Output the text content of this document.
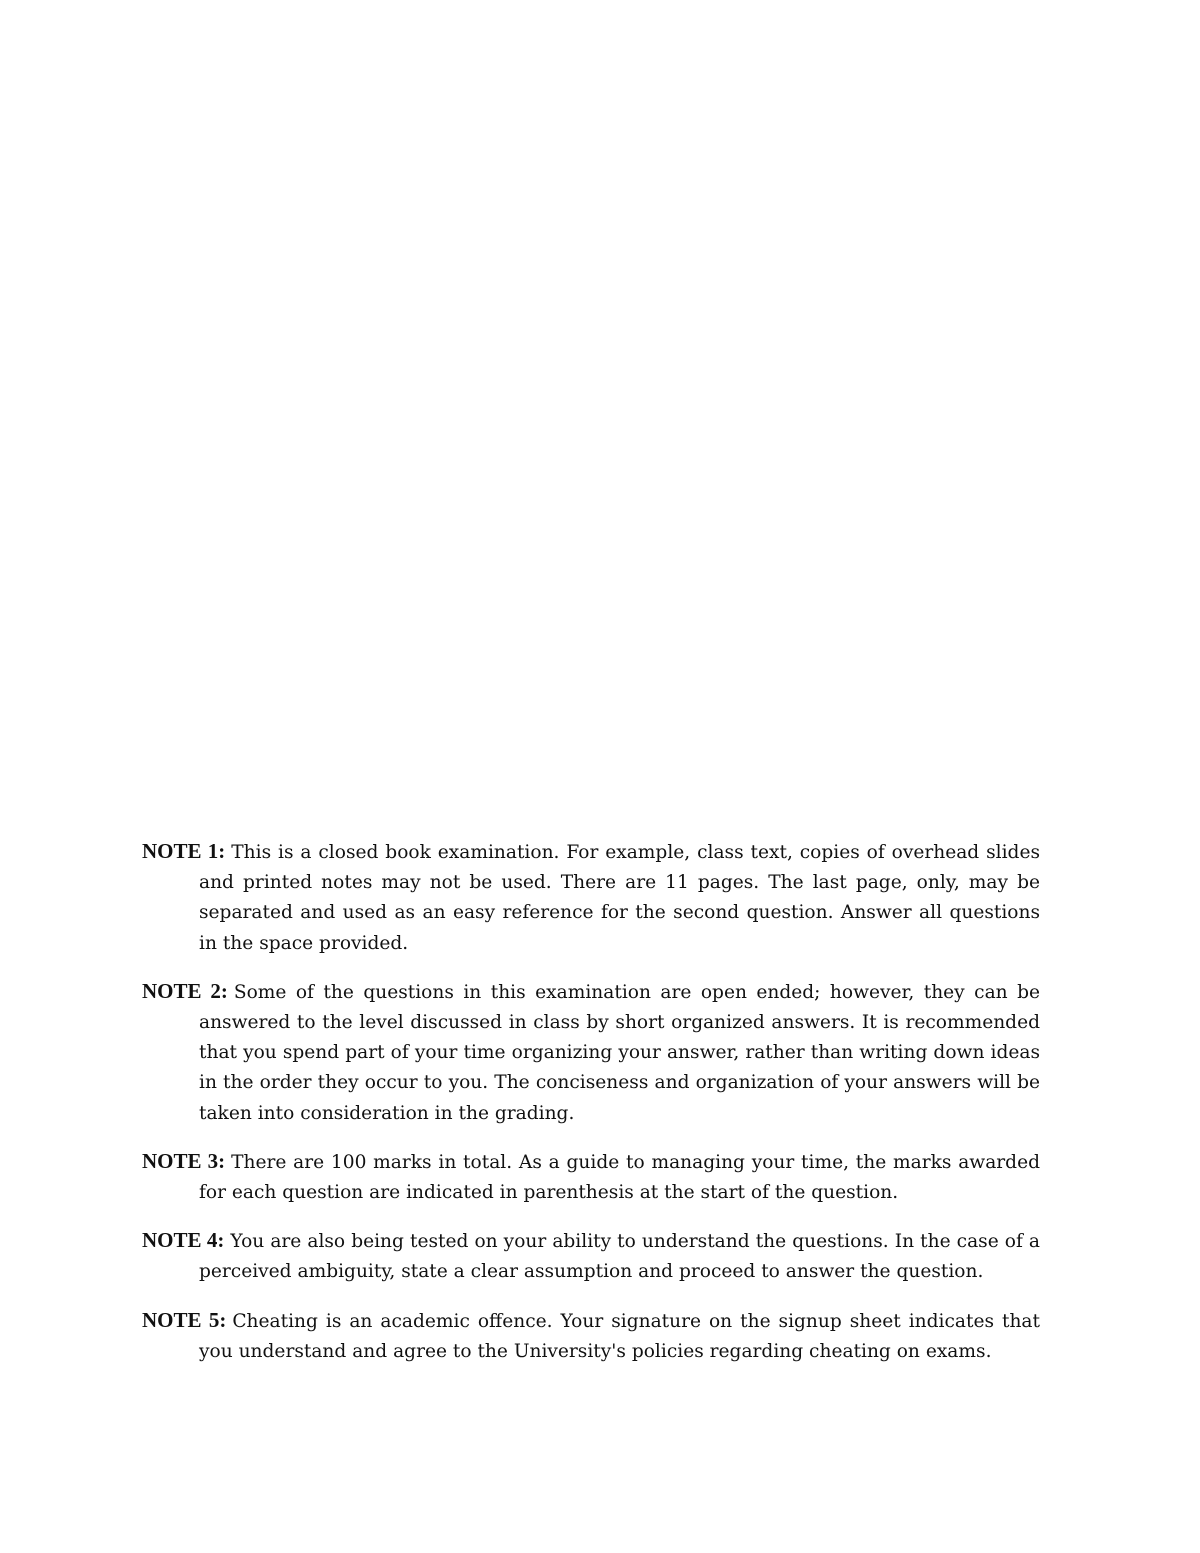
NOTE 1: This is a closed book examination. For example, class text, copies of overhead slides and printed notes may not be used. There are 11 pages. The last page, only, may be separated and used as an easy reference for the second question. Answer all questions in the space provided.

NOTE 2: Some of the questions in this examination are open ended; however, they can be answered to the level discussed in class by short organized answers. It is recommended that you spend part of your time organizing your answer, rather than writing down ideas in the order they occur to you. The conciseness and organization of your answers will be taken into consideration in the grading.

NOTE 3: There are 100 marks in total. As a guide to managing your time, the marks awarded for each question are indicated in parenthesis at the start of the question.

NOTE 4: You are also being tested on your ability to understand the questions. In the case of a perceived ambiguity, state a clear assumption and proceed to answer the question.

NOTE 5: Cheating is an academic offence. Your signature on the signup sheet indicates that you understand and agree to the University's policies regarding cheating on exams.
